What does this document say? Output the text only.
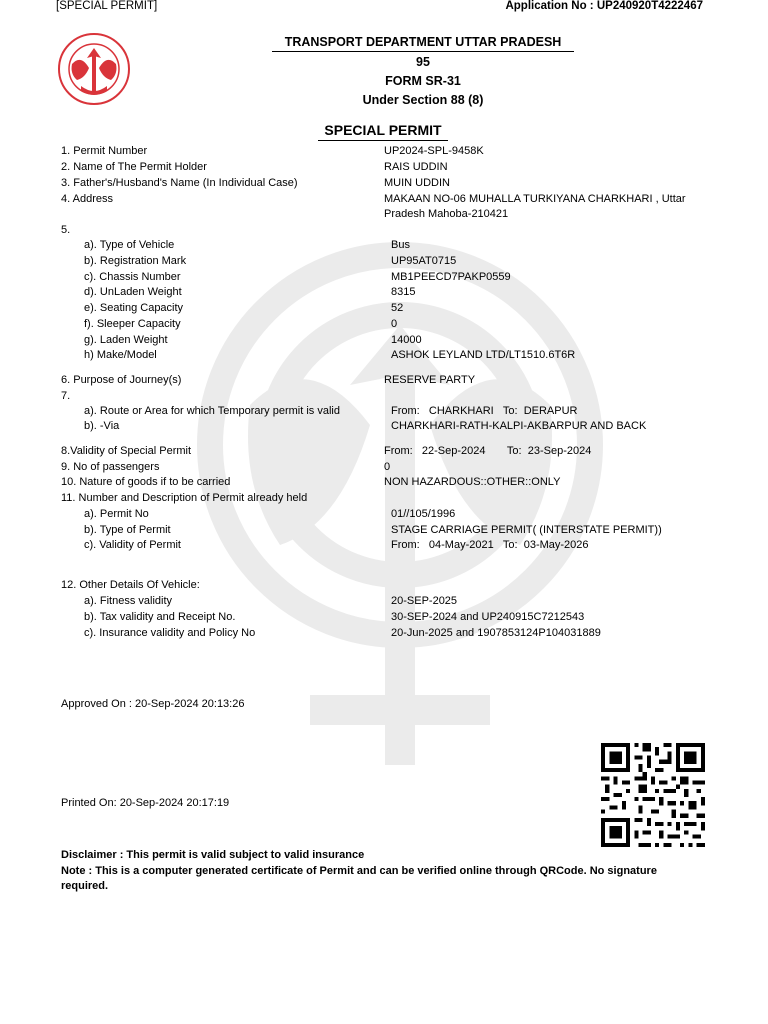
[SPECIAL PERMIT]	Application No : UP240920T4222467
TRANSPORT DEPARTMENT UTTAR PRADESH
95
FORM SR-31
Under Section 88 (8)
SPECIAL PERMIT
1. Permit Number	UP2024-SPL-9458K
2. Name of The Permit Holder	RAIS UDDIN
3. Father's/Husband's Name (In Individual Case)	MUIN UDDIN
4. Address	MAKAAN NO-06 MUHALLA TURKIYANA CHARKHARI , Uttar
Pradesh Mahoba-210421
5.
a). Type of Vehicle	Bus
b). Registration Mark	UP95AT0715
c). Chassis Number	MB1PEECD7PAKP0559
d). UnLaden Weight	8315
e). Seating Capacity	52
f). Sleeper Capacity	0
g). Laden Weight	14000
h) Make/Model	ASHOK LEYLAND LTD/LT1510.6T6R
6. Purpose of Journey(s)	RESERVE PARTY
7.
a). Route or Area for which Temporary permit is valid	From: CHARKHARI To: DERAPUR
b). -Via	CHARKHARI-RATH-KALPI-AKBARPUR AND BACK
8.Validity of Special Permit	From: 22-Sep-2024 To: 23-Sep-2024
9. No of passengers	0
10. Nature of goods if to be carried	NON HAZARDOUS::OTHER::ONLY
11. Number and Description of Permit already held
a). Permit No	01//105/1996
b). Type of Permit	STAGE CARRIAGE PERMIT( (INTERSTATE PERMIT))
c). Validity of Permit	From: 04-May-2021 To: 03-May-2026
12. Other Details Of Vehicle:
a). Fitness validity	20-SEP-2025
b). Tax validity and Receipt No.	30-SEP-2024 and UP240915C7212543
c). Insurance validity and Policy No	20-Jun-2025 and 1907853124P104031889
Approved On : 20-Sep-2024 20:13:26
Printed On: 20-Sep-2024 20:17:19
Disclaimer : This permit is valid subject to valid insurance
Note : This is a computer generated certificate of Permit and can be verified online through QRCode. No signature
required.
